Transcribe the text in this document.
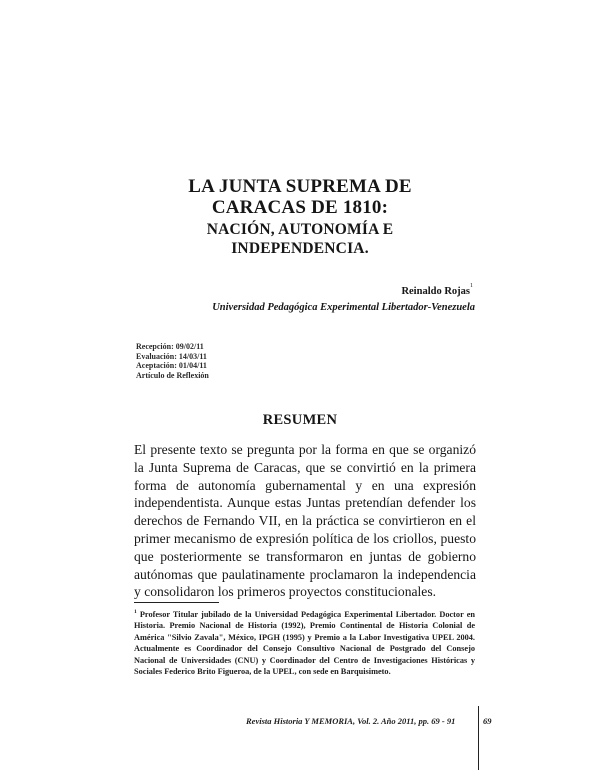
LA JUNTA SUPREMA DE
CARACAS DE 1810:
NACIÓN, AUTONOMÍA E
INDEPENDENCIA.
Reinaldo Rojas$^1$
Universidad Pedagógica Experimental Libertador-Venezuela
Recepción: 09/02/11
Evaluación: 14/03/11
Aceptación: 01/04/11
Artículo de Reflexión
RESUMEN

El presente texto se pregunta por la forma en que se organizó la Junta Suprema de Caracas, que se convirtió en la primera forma de autonomía gubernamental y en una expresión independentista. Aunque estas Juntas pretendían defender los derechos de Fernando VII, en la práctica se convirtieron en el primer mecanismo de expresión política de los criollos, puesto que posteriormente se transformaron en juntas de gobierno autónomas que paulatinamente proclamaron la independencia y consolidaron los primeros proyectos constitucionales.

$^1$ Profesor Titular jubilado de la Universidad Pedagógica Experimental Libertador. Doctor en Historia. Premio Nacional de Historia (1992), Premio Continental de Historia Colonial de América "Silvio Zavala", México, IPGH (1995) y Premio a la Labor Investigativa UPEL 2004. Actualmente es Coordinador del Consejo Consultivo Nacional de Postgrado del Consejo Nacional de Universidades (CNU) y Coordinador del Centro de Investigaciones Históricas y Sociales Federico Brito Figueroa, de la UPEL, con sede en Barquisimeto.

Revista Historia Y MEMORIA, Vol. 2. Año 2011, pp. 69 - 91	69
